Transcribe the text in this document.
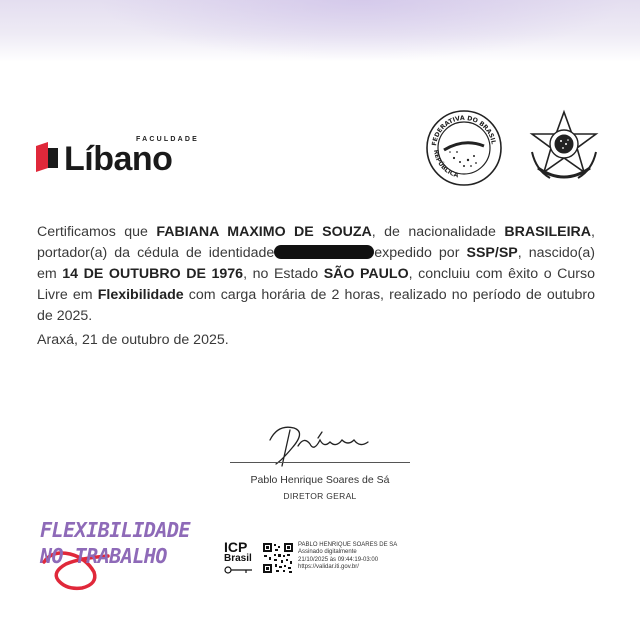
FACULDADE
Líbano	FEDERATIVA DO BRASIL
REPÚBLICA
Certificamos que FABIANA MAXIMO DE SOUZA, de nacionalidade BRASILEIRA, portador(a) da cédula de identidade	expedido por SSP/SP, nascido(a) em 14 DE OUTUBRO DE 1976, no Estado SÃO PAULO, concluiu com êxito o Curso Livre em Flexibilidade com carga horária de 2 horas, realizado no período de outubro de 2025.
Araxá, 21 de outubro de 2025.
Pablo Henrique Soares de Sá
DIRETOR GERAL
FLEXIBILIDADE
NO TRABALHO	ICP
Brasil
PABLO HENRIQUE SOARES DE SA
Assinado digitalmente
21/10/2025 às 09:44:19-03:00
https://validar.iti.gov.br/
